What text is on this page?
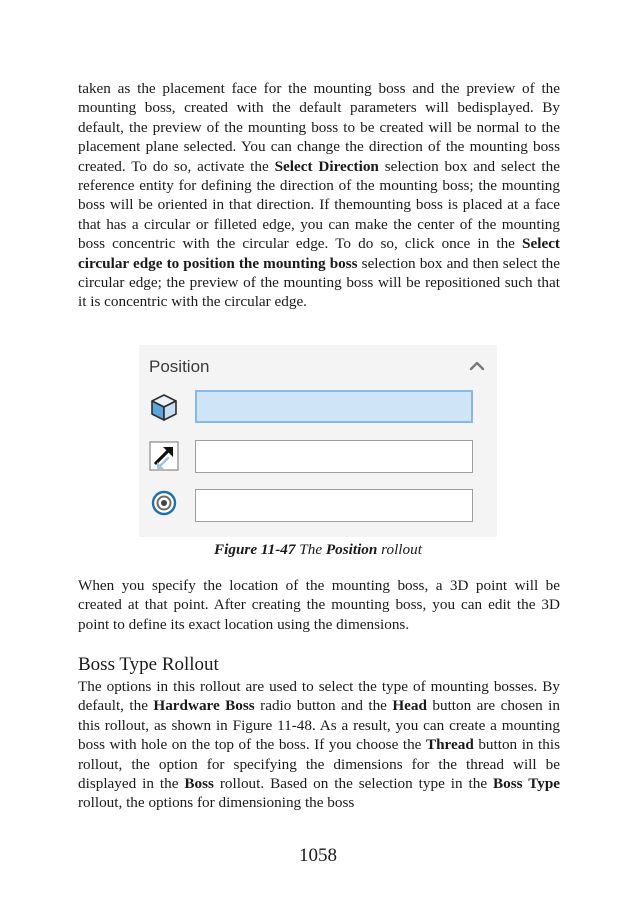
taken as the placement face for the mounting boss and the preview of the mounting boss, created with the default parameters will bedisplayed. By default, the preview of the mounting boss to be created will be normal to the placement plane selected. You can change the direction of the mounting boss created. To do so, activate the Select Direction selection box and select the reference entity for defining the direction of the mounting boss; the mounting boss will be oriented in that direction. If themounting boss is placed at a face that has a circular or filleted edge, you can make the center of the mounting boss concentric with the circular edge. To do so, click once in the Select circular edge to position the mounting boss selection box and then select the circular edge; the preview of the mounting boss will be repositioned such that it is concentric with the circular edge.

Position
Figure 11-47 The Position rollout

When you specify the location of the mounting boss, a 3D point will be created at that point. After creating the mounting boss, you can edit the 3D point to define its exact location using the dimensions.

Boss Type Rollout

The options in this rollout are used to select the type of mounting bosses. By default, the Hardware Boss radio button and the Head button are chosen in this rollout, as shown in Figure 11-48. As a result, you can create a mounting boss with hole on the top of the boss. If you choose the Thread button in this rollout, the option for specifying the dimensions for the thread will be displayed in the Boss rollout. Based on the selection type in the Boss Type rollout, the options for dimensioning the boss

1058
